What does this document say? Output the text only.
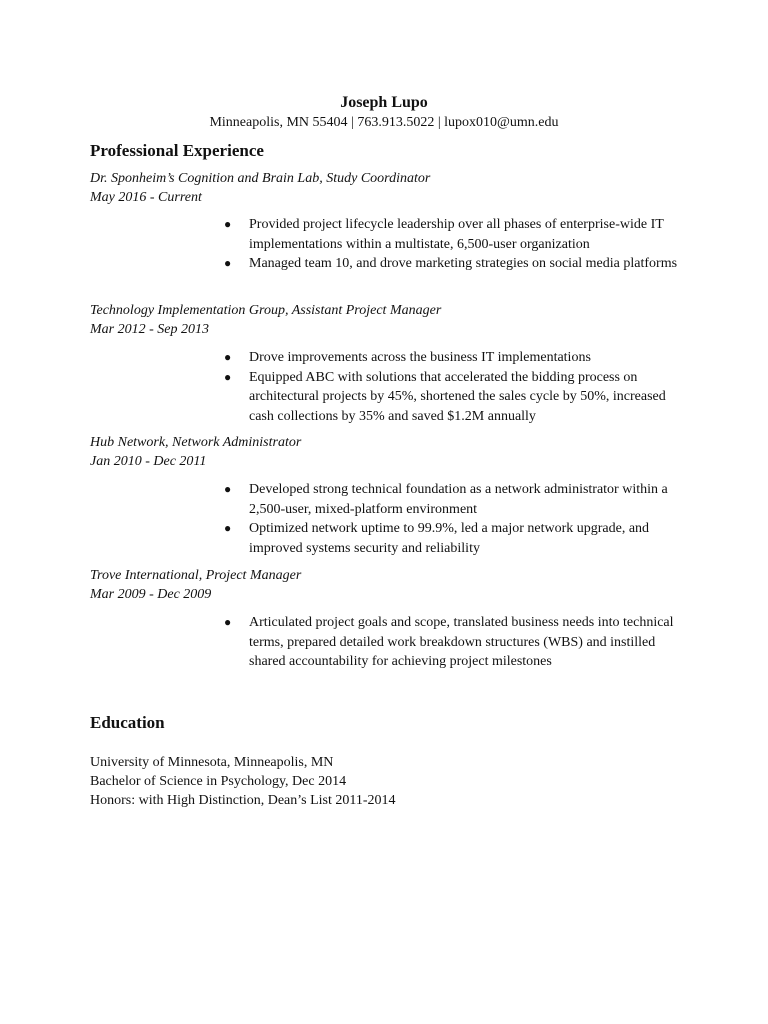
Joseph Lupo
Minneapolis, MN 55404 | 763.913.5022 | lupox010@umn.edu
Professional Experience
Dr. Sponheim’s Cognition and Brain Lab, Study Coordinator
May 2016 - Current
● Provided project lifecycle leadership over all phases of enterprise-wide IT implementations within a multistate, 6,500-user organization
● Managed team 10, and drove marketing strategies on social media platforms
Technology Implementation Group, Assistant Project Manager
Mar 2012 - Sep 2013
● Drove improvements across the business IT implementations
● Equipped ABC with solutions that accelerated the bidding process on architectural projects by 45%, shortened the sales cycle by 50%, increased cash collections by 35% and saved $1.2M annually
Hub Network, Network Administrator
Jan 2010 - Dec 2011
● Developed strong technical foundation as a network administrator within a 2,500-user, mixed-platform environment
● Optimized network uptime to 99.9%, led a major network upgrade, and improved systems security and reliability
Trove International, Project Manager
Mar 2009 - Dec 2009
● Articulated project goals and scope, translated business needs into technical terms, prepared detailed work breakdown structures (WBS) and instilled shared accountability for achieving project milestones
Education
University of Minnesota, Minneapolis, MN
Bachelor of Science in Psychology, Dec 2014
Honors: with High Distinction, Dean’s List 2011-2014
